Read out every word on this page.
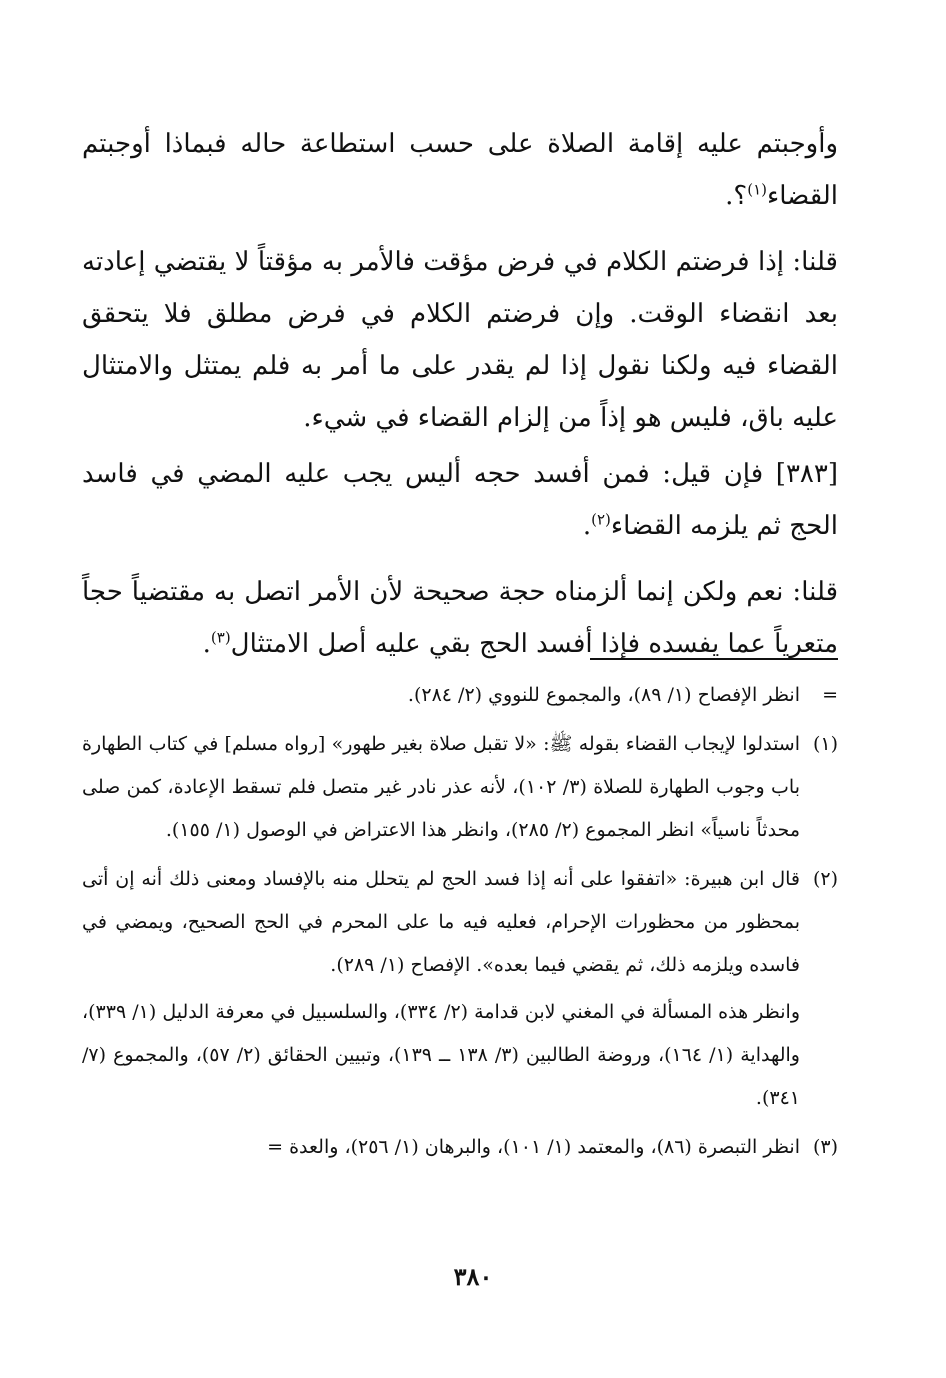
وأوجبتم عليه إقامة الصلاة على حسب استطاعة حاله فبماذا أوجبتم القضاء$^{(١)}$؟.

قلنا: إذا فرضتم الكلام في فرض مؤقت فالأمر به مؤقتاً لا يقتضي إعادته بعد انقضاء الوقت. وإن فرضتم الكلام في فرض مطلق فلا يتحقق القضاء فيه ولكنا نقول إذا لم يقدر على ما أمر به فلم يمتثل والامتثال عليه باق، فليس هو إذاً من إلزام القضاء في شيء.

[٣٨٣] فإن قيل: فمن أفسد حجه أليس يجب عليه المضي في فاسد الحج ثم يلزمه القضاء$^{(٢)}$.

قلنا: نعم ولكن إنما ألزمناه حجة صحيحة لأن الأمر اتصل به مقتضياً حجاً متعرياً عما يفسده فإذا أفسد الحج بقي عليه أصل الامتثال$^{(٣)}$.

=

انظر الإفصاح (١/ ٨٩)، والمجموع للنووي (٢/ ٢٨٤).

(١)

استدلوا لإيجاب القضاء بقوله ﷺ: «لا تقبل صلاة بغير طهور» [رواه مسلم] في كتاب الطهارة باب وجوب الطهارة للصلاة (٣/ ١٠٢)، لأنه عذر نادر غير متصل فلم تسقط الإعادة، كمن صلى محدثاً ناسياً» انظر المجموع (٢/ ٢٨٥)، وانظر هذا الاعتراض في الوصول (١/ ١٥٥).

(٢)

قال ابن هبيرة: «اتفقوا على أنه إذا فسد الحج لم يتحلل منه بالإفساد ومعنى ذلك أنه إن أتى بمحظور من محظورات الإحرام، فعليه فيه ما على المحرم في الحج الصحيح، ويمضي في فاسده ويلزمه ذلك، ثم يقضي فيما بعده». الإفصاح (١/ ٢٨٩).

وانظر هذه المسألة في المغني لابن قدامة (٢/ ٣٣٤)، والسلسبيل في معرفة الدليل (١/ ٣٣٩)، والهداية (١/ ١٦٤)، وروضة الطالبين (٣/ ١٣٨ ــ ١٣٩)، وتبيين الحقائق (٢/ ٥٧)، والمجموع (٧/ ٣٤١).

(٣)

انظر التبصرة (٨٦)، والمعتمد (١/ ١٠١)، والبرهان (١/ ٢٥٦)، والعدة =

٣٨٠
